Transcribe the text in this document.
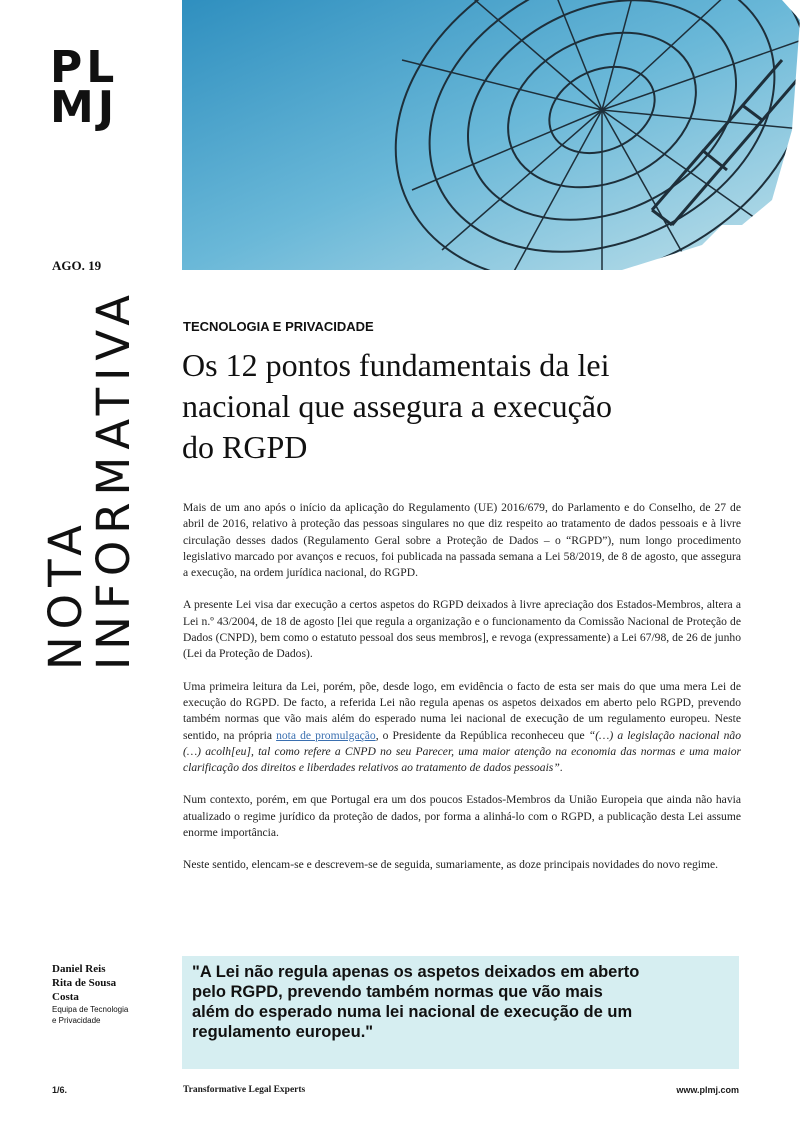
PL
MJ
AGO. 19
NOTA
INFORMATIVA	TECNOLOGIA E PRIVACIDADE
Os 12 pontos fundamentais da lei
nacional que assegura a execução
do RGPD

Mais de um ano após o início da aplicação do Regulamento (UE) 2016/679, do Parlamento e do Conselho, de 27 de abril de 2016, relativo à proteção das pessoas singulares no que diz respeito ao tratamento de dados pessoais e à livre circulação desses dados (Regulamento Geral sobre a Proteção de Dados – o “RGPD”), num longo procedimento legislativo marcado por avanços e recuos, foi publicada na passada semana a Lei 58/2019, de 8 de agosto, que assegura a execução, na ordem jurídica nacional, do RGPD.

A presente Lei visa dar execução a certos aspetos do RGPD deixados à livre apreciação dos Estados-Membros, altera a Lei n.º 43/2004, de 18 de agosto [lei que regula a organização e o funcionamento da Comissão Nacional de Proteção de Dados (CNPD), bem como o estatuto pessoal dos seus membros], e revoga (expressamente) a Lei 67/98, de 26 de junho (Lei da Proteção de Dados).

Uma primeira leitura da Lei, porém, põe, desde logo, em evidência o facto de esta ser mais do que uma mera Lei de execução do RGPD. De facto, a referida Lei não regula apenas os aspetos deixados em aberto pelo RGPD, prevendo também normas que vão mais além do esperado numa lei nacional de execução de um regulamento europeu. Neste sentido, na própria nota de promulgação, o Presidente da República reconheceu que “(…) a legislação nacional não (…) acolh[eu], tal como refere a CNPD no seu Parecer, uma maior atenção na economia das normas e uma maior clarificação dos direitos e liberdades relativos ao tratamento de dados pessoais”.

Num contexto, porém, em que Portugal era um dos poucos Estados-Membros da União Europeia que ainda não havia atualizado o regime jurídico da proteção de dados, por forma a alinhá-lo com o RGPD, a publicação desta Lei assume enorme importância.

Neste sentido, elencam-se e descrevem-se de seguida, sumariamente, as doze principais novidades do novo regime.

Daniel Reis
Rita de Sousa
Costa
Equipa de Tecnologia
e Privacidade

"A Lei não regula apenas os aspetos deixados em aberto

pelo RGPD, prevendo também normas que vão mais

além do esperado numa lei nacional de execução de um

regulamento europeu."

1/6.	Transformative Legal Experts	www.plmj.com
